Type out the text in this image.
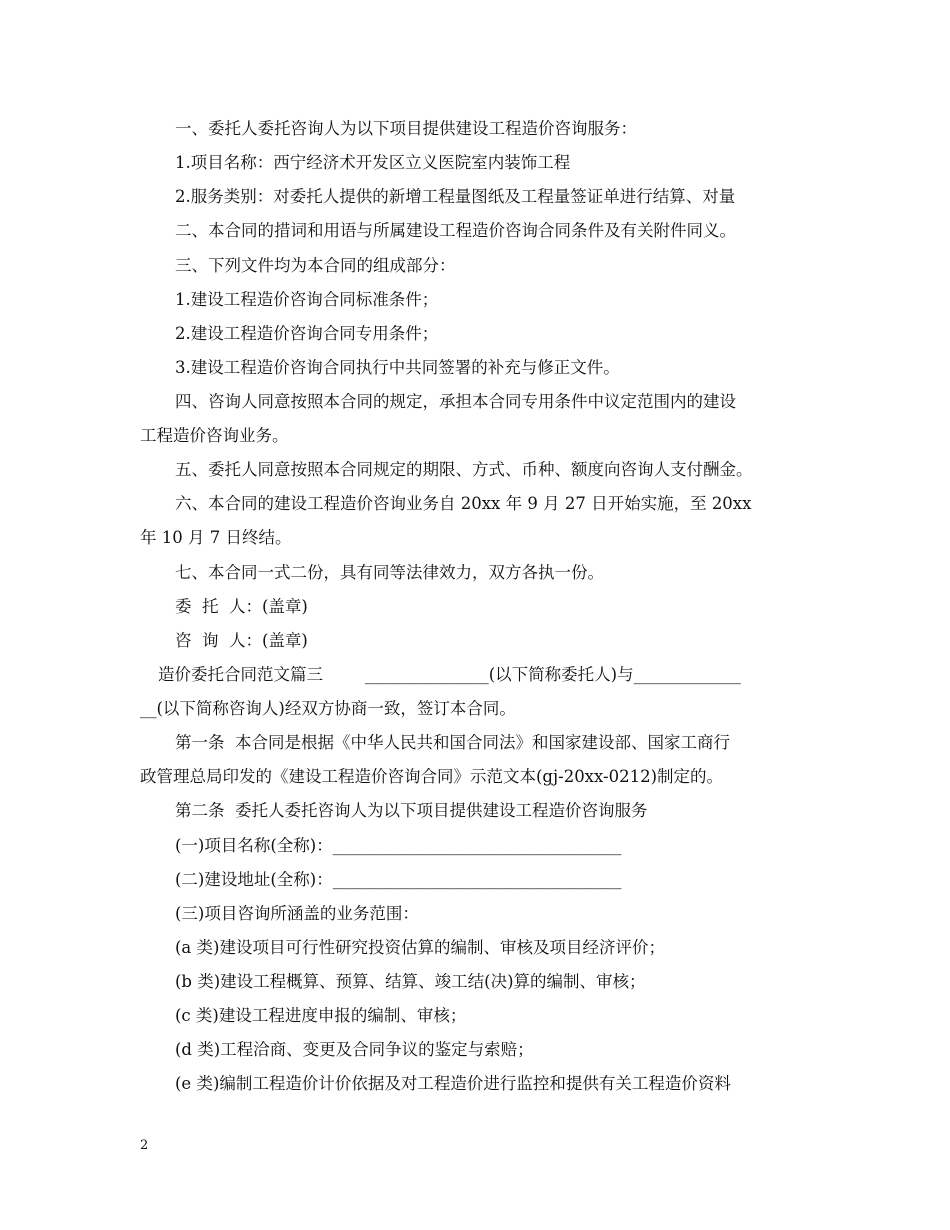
一、委托人委托咨询人为以下项目提供建设工程造价咨询服务：
1.项目名称：西宁经济术开发区立义医院室内装饰工程
2.服务类别：对委托人提供的新增工程量图纸及工程量签证单进行结算、对量
二、本合同的措词和用语与所属建设工程造价咨询合同条件及有关附件同义。
三、下列文件均为本合同的组成部分：
1.建设工程造价咨询合同标准条件；
2.建设工程造价咨询合同专用条件；
3.建设工程造价咨询合同执行中共同签署的补充与修正文件。
四、咨询人同意按照本合同的规定，承担本合同专用条件中议定范围内的建设
工程造价咨询业务。
五、委托人同意按照本合同规定的期限、方式、币种、额度向咨询人支付酬金。
六、本合同的建设工程造价咨询业务自 20xx 年 9 月 27 日开始实施，至 20xx
年 10 月 7 日终结。
七、本合同一式二份，具有同等法律效力，双方各执一份。
委  托  人：(盖章)
咨  询  人：(盖章)
造价委托合同范文篇三        _______________(以下简称委托人)与_____________
__(以下简称咨询人)经双方协商一致，签订本合同。
第一条  本合同是根据《中华人民共和国合同法》和国家建设部、国家工商行
政管理总局印发的《建设工程造价咨询合同》示范文本(gj-20xx-0212)制定的。
第二条  委托人委托咨询人为以下项目提供建设工程造价咨询服务
(一)项目名称(全称)：___________________________________
(二)建设地址(全称)：___________________________________
(三)项目咨询所涵盖的业务范围：
(a 类)建设项目可行性研究投资估算的编制、审核及项目经济评价；
(b 类)建设工程概算、预算、结算、竣工结(决)算的编制、审核；
(c 类)建设工程进度申报的编制、审核；
(d 类)工程洽商、变更及合同争议的鉴定与索赔；
(e 类)编制工程造价计价依据及对工程造价进行监控和提供有关工程造价资料
2
